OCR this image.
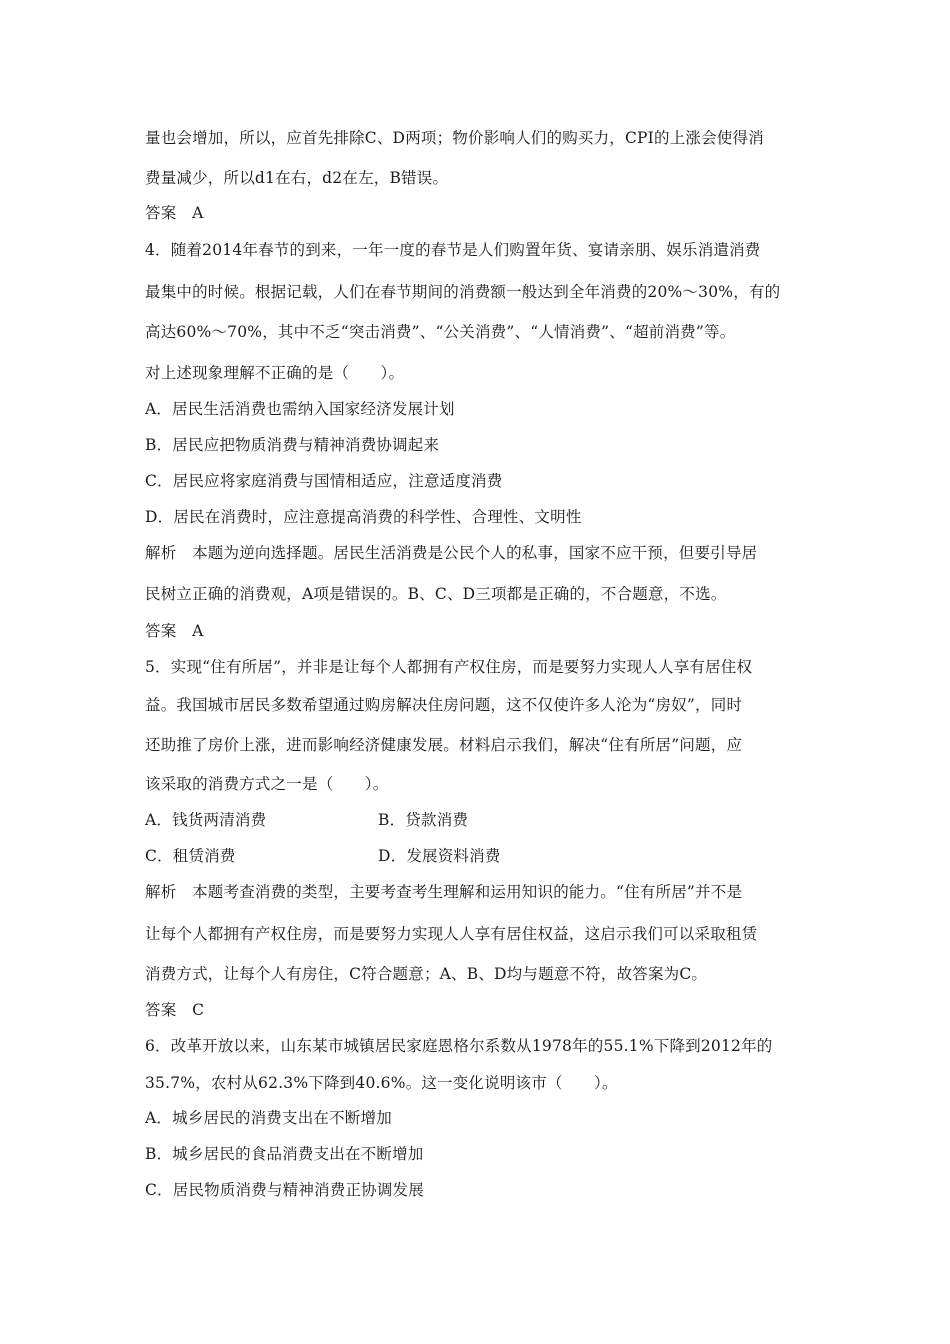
量也会增加，所以，应首先排除C、D两项；物价影响人们的购买力，CPI的上涨会使得消
费量减少，所以d1在右，d2在左，B错误。
答案　A
4．随着2014年春节的到来，一年一度的春节是人们购置年货、宴请亲朋、娱乐消遣消费
最集中的时候。根据记载，人们在春节期间的消费额一般达到全年消费的20%～30%，有的
高达60%～70%，其中不乏“突击消费”、“公关消费”、“人情消费”、“超前消费”等。
对上述现象理解不正确的是（　　）。
A．居民生活消费也需纳入国家经济发展计划
B．居民应把物质消费与精神消费协调起来
C．居民应将家庭消费与国情相适应，注意适度消费
D．居民在消费时，应注意提高消费的科学性、合理性、文明性
解析　本题为逆向选择题。居民生活消费是公民个人的私事，国家不应干预，但要引导居
民树立正确的消费观，A项是错误的。B、C、D三项都是正确的，不合题意，不选。
答案　A
5．实现“住有所居”，并非是让每个人都拥有产权住房，而是要努力实现人人享有居住权
益。我国城市居民多数希望通过购房解决住房问题，这不仅使许多人沦为“房奴”，同时
还助推了房价上涨，进而影响经济健康发展。材料启示我们，解决“住有所居”问题，应
该采取的消费方式之一是（　　）。
A．钱货两清消费	B．贷款消费
C．租赁消费	D．发展资料消费
解析　本题考查消费的类型，主要考查考生理解和运用知识的能力。“住有所居”并不是
让每个人都拥有产权住房，而是要努力实现人人享有居住权益，这启示我们可以采取租赁
消费方式，让每个人有房住，C符合题意；A、B、D均与题意不符，故答案为C。
答案　C
6．改革开放以来，山东某市城镇居民家庭恩格尔系数从1978年的55.1%下降到2012年的
35.7%，农村从62.3%下降到40.6%。这一变化说明该市（　　）。
A．城乡居民的消费支出在不断增加
B．城乡居民的食品消费支出在不断增加
C．居民物质消费与精神消费正协调发展
